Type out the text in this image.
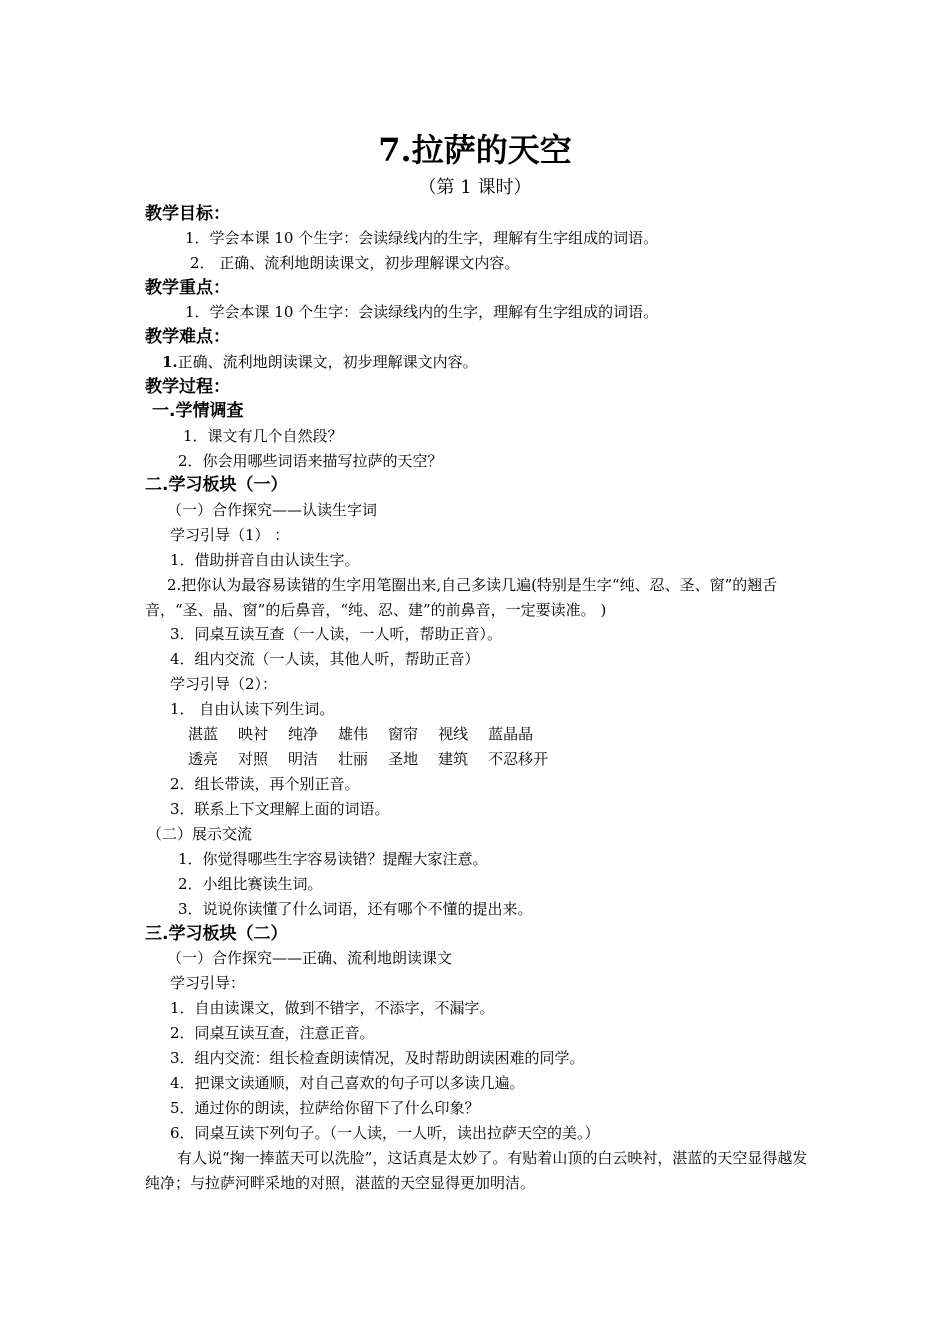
7.拉萨的天空
（第 1 课时）
教学目标：
1．学会本课 10 个生字：会读绿线内的生字，理解有生字组成的词语。
2． 正确、流利地朗读课文，初步理解课文内容。
教学重点：
1．学会本课 10 个生字：会读绿线内的生字，理解有生字组成的词语。
教学难点：
1.正确、流利地朗读课文，初步理解课文内容。
教学过程：
一.学情调查
1．课文有几个自然段？
2．你会用哪些词语来描写拉萨的天空？
二.学习板块（一）
（一）合作探究——认读生字词
学习引导（1） ：
1．借助拼音自由认读生字。
2.把你认为最容易读错的生字用笔圈出来,自己多读几遍(特别是生字“纯、忍、圣、窗”的翘舌音，“圣、晶、窗”的后鼻音，“纯、忍、建”的前鼻音，一定要读准。 )
3．同桌互读互查（一人读，一人听，帮助正音）。
4．组内交流（一人读，其他人听，帮助正音）
学习引导（2）：
1． 自由认读下列生词。
湛蓝 映衬 纯净 雄伟 窗帘 视线 蓝晶晶
透亮 对照 明洁 壮丽 圣地 建筑 不忍移开
2．组长带读，再个别正音。
3．联系上下文理解上面的词语。
（二）展示交流
1．你觉得哪些生字容易读错？提醒大家注意。
2．小组比赛读生词。
3．说说你读懂了什么词语，还有哪个不懂的提出来。
三.学习板块（二）
（一）合作探究——正确、流利地朗读课文
学习引导：
1．自由读课文，做到不错字，不添字，不漏字。
2．同桌互读互查，注意正音。
3．组内交流：组长检查朗读情况，及时帮助朗读困难的同学。
4．把课文读通顺，对自己喜欢的句子可以多读几遍。
5．通过你的朗读，拉萨给你留下了什么印象？
6．同桌互读下列句子。（一人读，一人听，读出拉萨天空的美。）
有人说“掬一捧蓝天可以洗脸”，这话真是太妙了。有贴着山顶的白云映衬，湛蓝的天空显得越发纯净；与拉萨河畔采地的对照，湛蓝的天空显得更加明洁。
